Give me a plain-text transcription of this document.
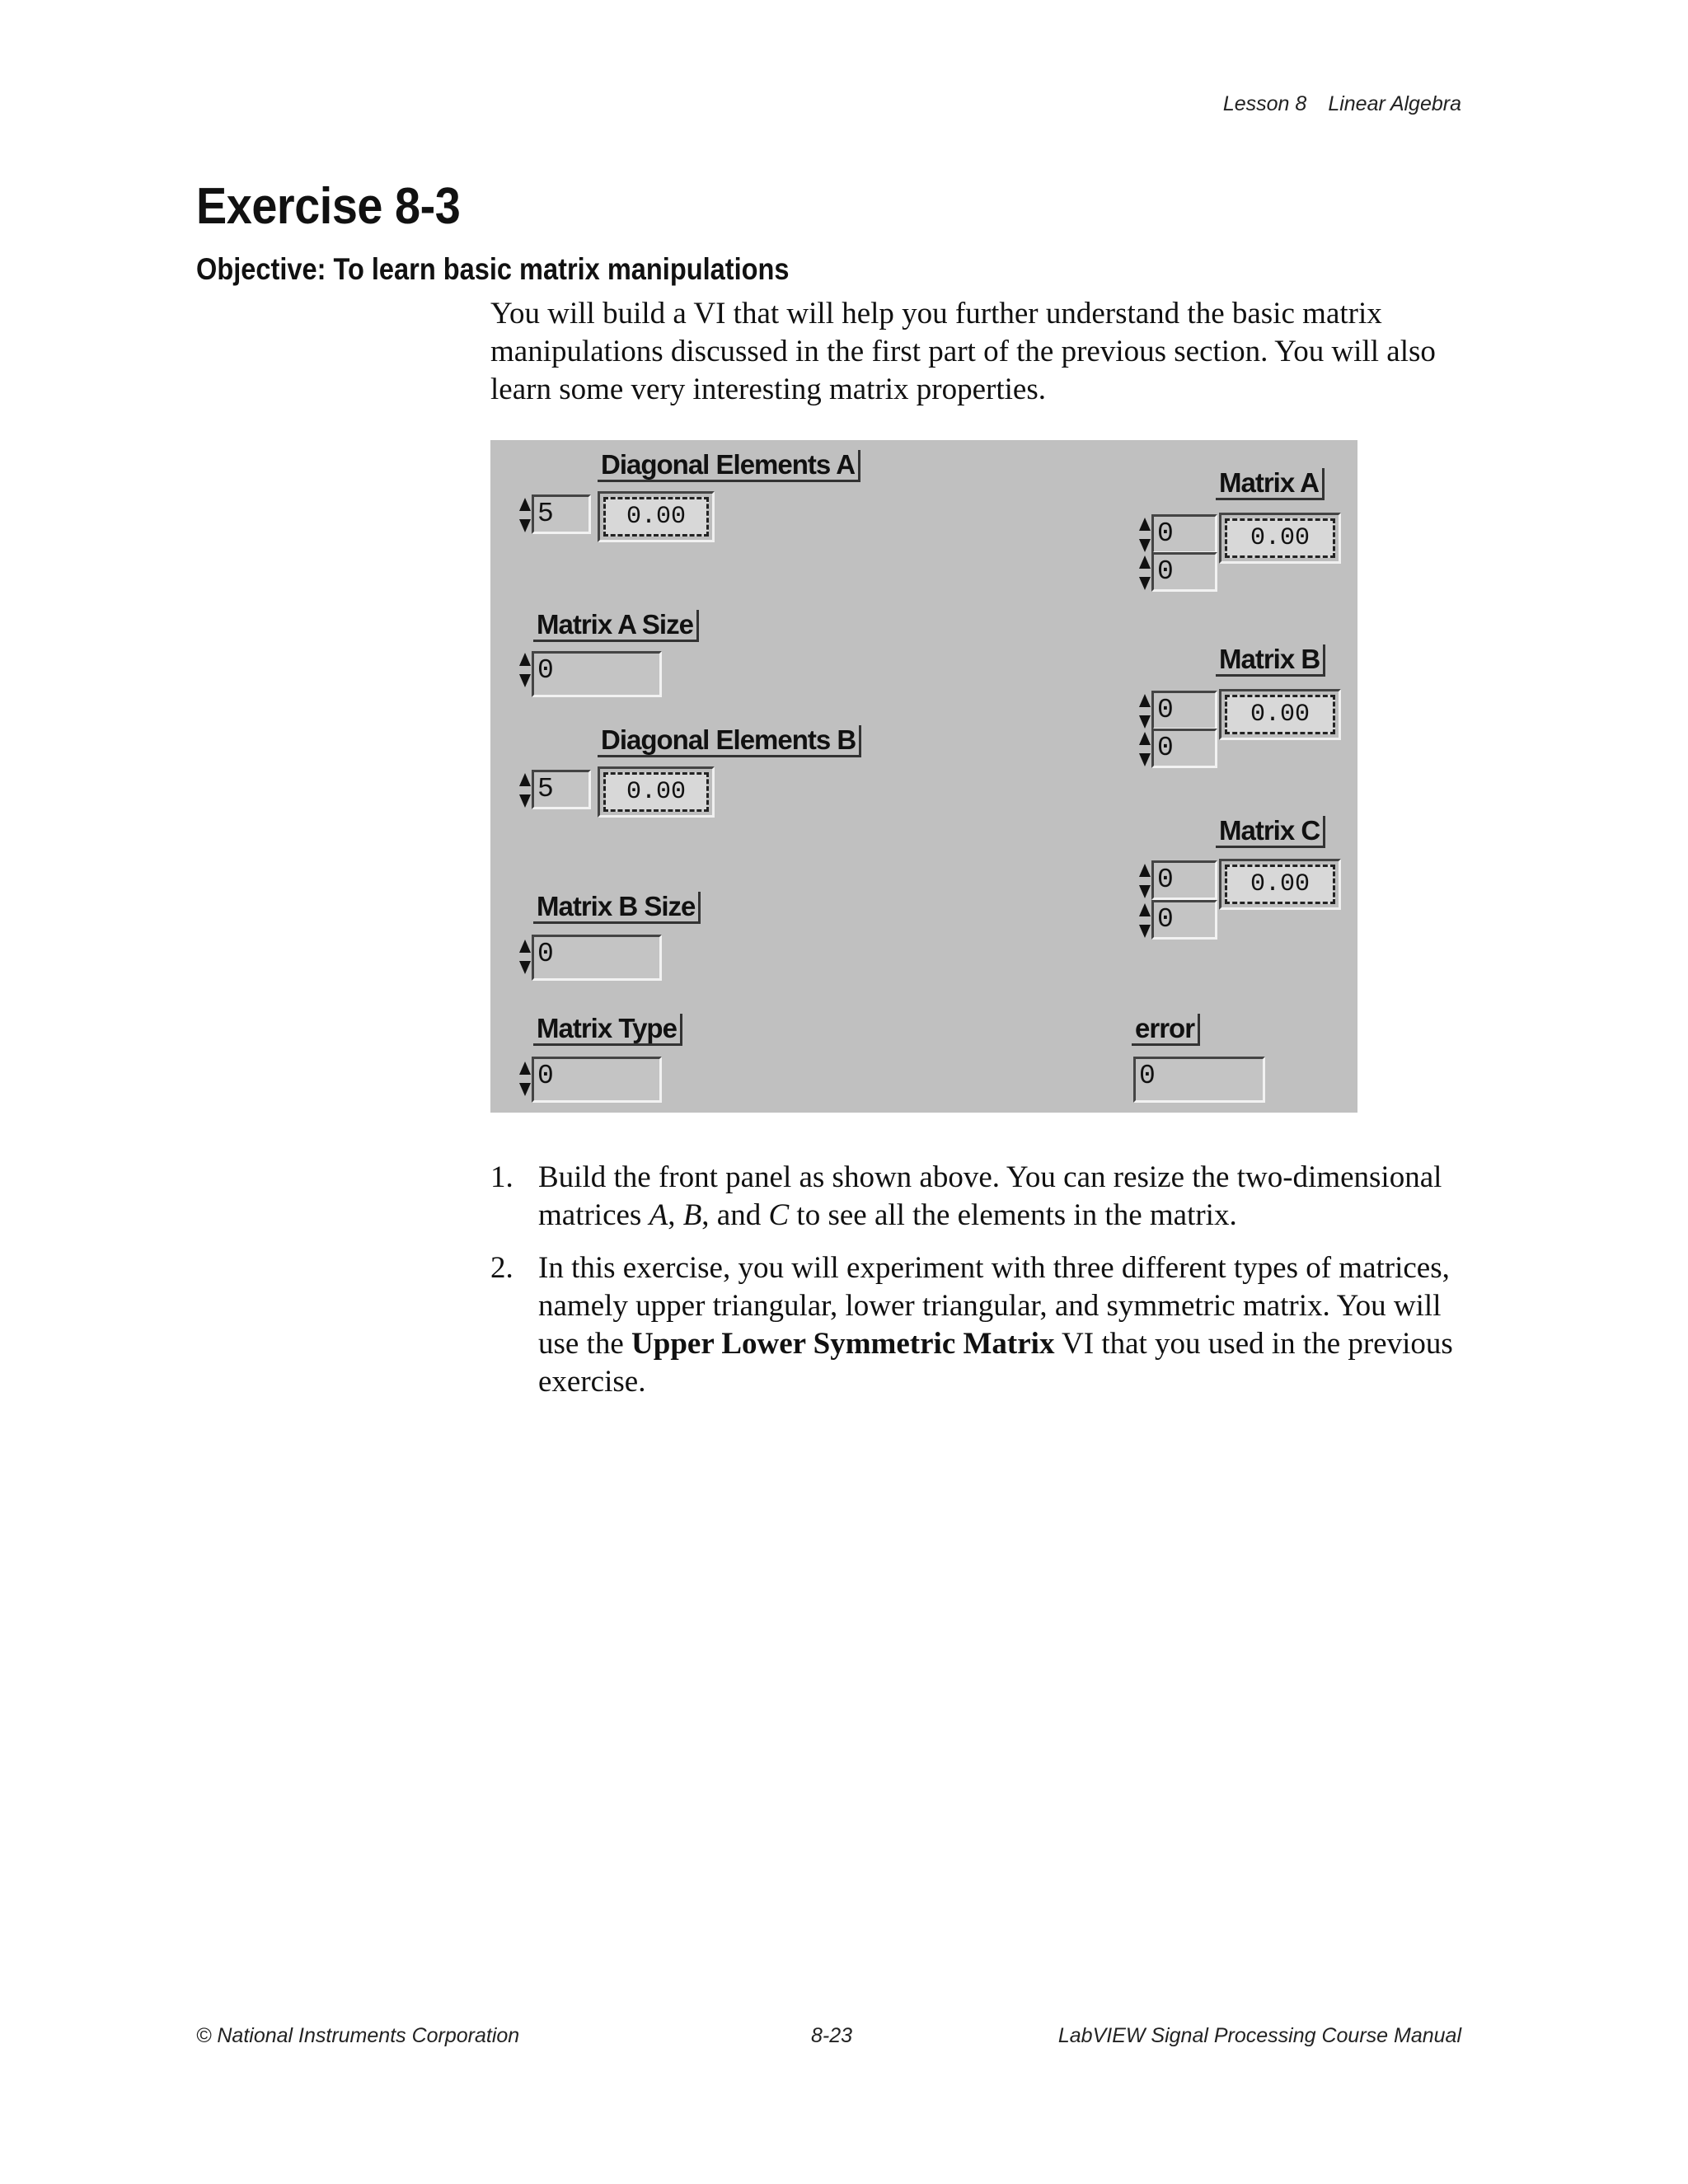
Lesson 8 Linear Algebra
Exercise 8-3
Objective: To learn basic matrix manipulations

You will build a VI that will help you further understand the basic matrix manipulations discussed in the first part of the previous section. You will also learn some very interesting matrix properties.

Diagonal Elements A
5	0.00
Matrix A Size
0
Diagonal Elements B
5	0.00
Matrix B Size
0
Matrix Type
0
Matrix A
0
0
0.00
Matrix B
0
0
0.00
Matrix C
0
0
0.00
error
0
1. Build the front panel as shown above. You can resize the two-dimensional matrices A, B, and C to see all the elements in the matrix.
2. In this exercise, you will experiment with three different types of matrices, namely upper triangular, lower triangular, and symmetric matrix. You will use the Upper Lower Symmetric Matrix VI that you used in the previous exercise.
© National Instruments Corporation	8-23	LabVIEW Signal Processing Course Manual
